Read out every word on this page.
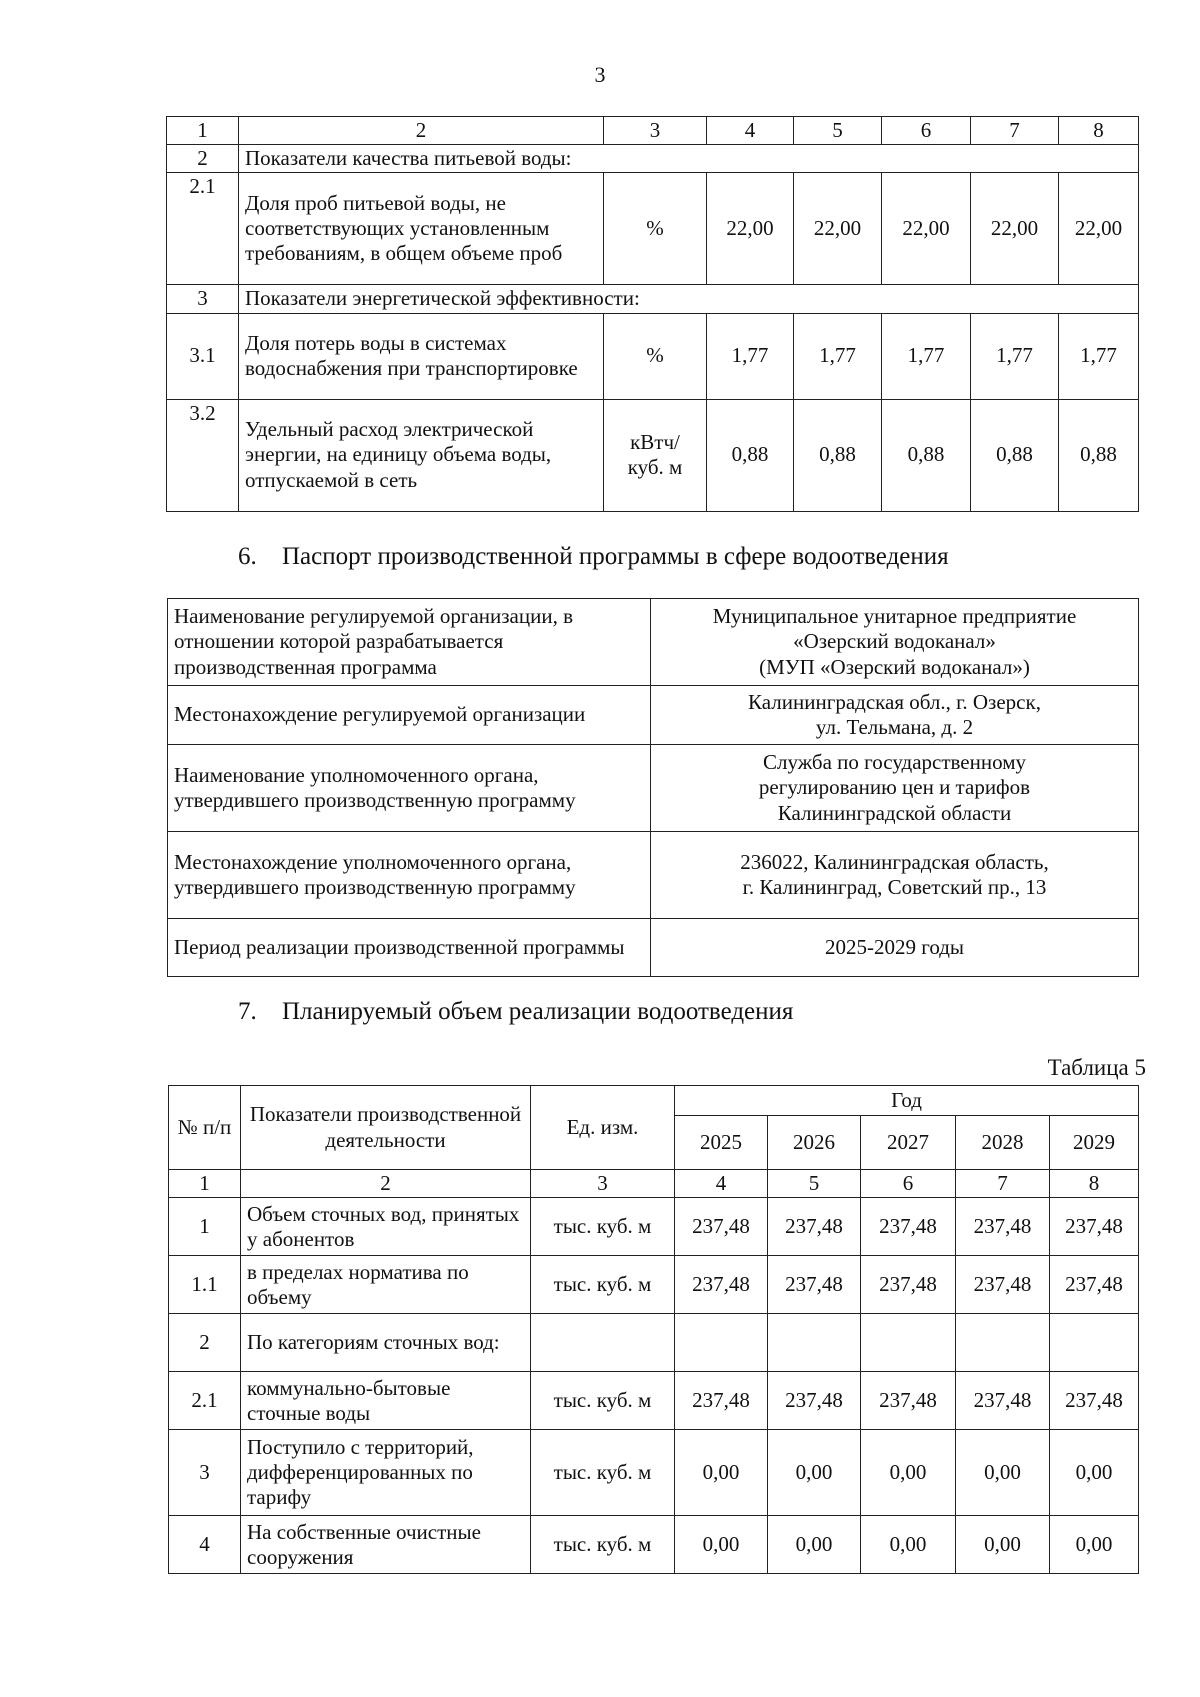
3
1	2	3	4	5	6	7	8
2	Показатели качества питьевой воды:						
2.1	Доля проб питьевой воды, не соответствующих установленным требованиям, в общем объеме проб	%	22,00	22,00	22,00	22,00	22,00
3	Показатели энергетической эффективности:						
3.1	Доля потерь воды в системах водоснабжения при транспортировке	%	1,77	1,77	1,77	1,77	1,77
3.2	Удельный расход электрической энергии, на единицу объема воды, отпускаемой в сеть	кВтч/ куб. м	0,88	0,88	0,88	0,88	0,88
6. Паспорт производственной программы в сфере водоотведения
Наименование регулируемой организации, в отношении которой разрабатывается производственная программа	Муниципальное унитарное предприятие
«Озерский водоканал»
(МУП «Озерский водоканал»)

Местонахождение регулируемой организации	Калининградская обл., г. Озерск,
ул. Тельмана, д. 2

Наименование уполномоченного органа, утвердившего производственную программу	Служба по государственному
регулированию цен и тарифов
Калининградской области

Местонахождение уполномоченного органа, утвердившего производственную программу	236022, Калининградская область,
г. Калининград, Советский пр., 13

Период реализации производственной программы	2025-2029 годы
7. Планируемый объем реализации водоотведения
Таблица 5
№ п/п	Показатели производственной деятельности	Ед. изм.	Год				
			2025	2026	2027	2028	2029
1	2	3	4	5	6	7	8
1	Объем сточных вод, принятых у абонентов	тыс. куб. м	237,48	237,48	237,48	237,48	237,48
1.1	в пределах норматива по объему	тыс. куб. м	237,48	237,48	237,48	237,48	237,48
2	По категориям сточных вод:						
2.1	коммунально-бытовые сточные воды	тыс. куб. м	237,48	237,48	237,48	237,48	237,48
3	Поступило с территорий, дифференцированных по тарифу	тыс. куб. м	0,00	0,00	0,00	0,00	0,00
4	На собственные очистные сооружения	тыс. куб. м	0,00	0,00	0,00	0,00	0,00
